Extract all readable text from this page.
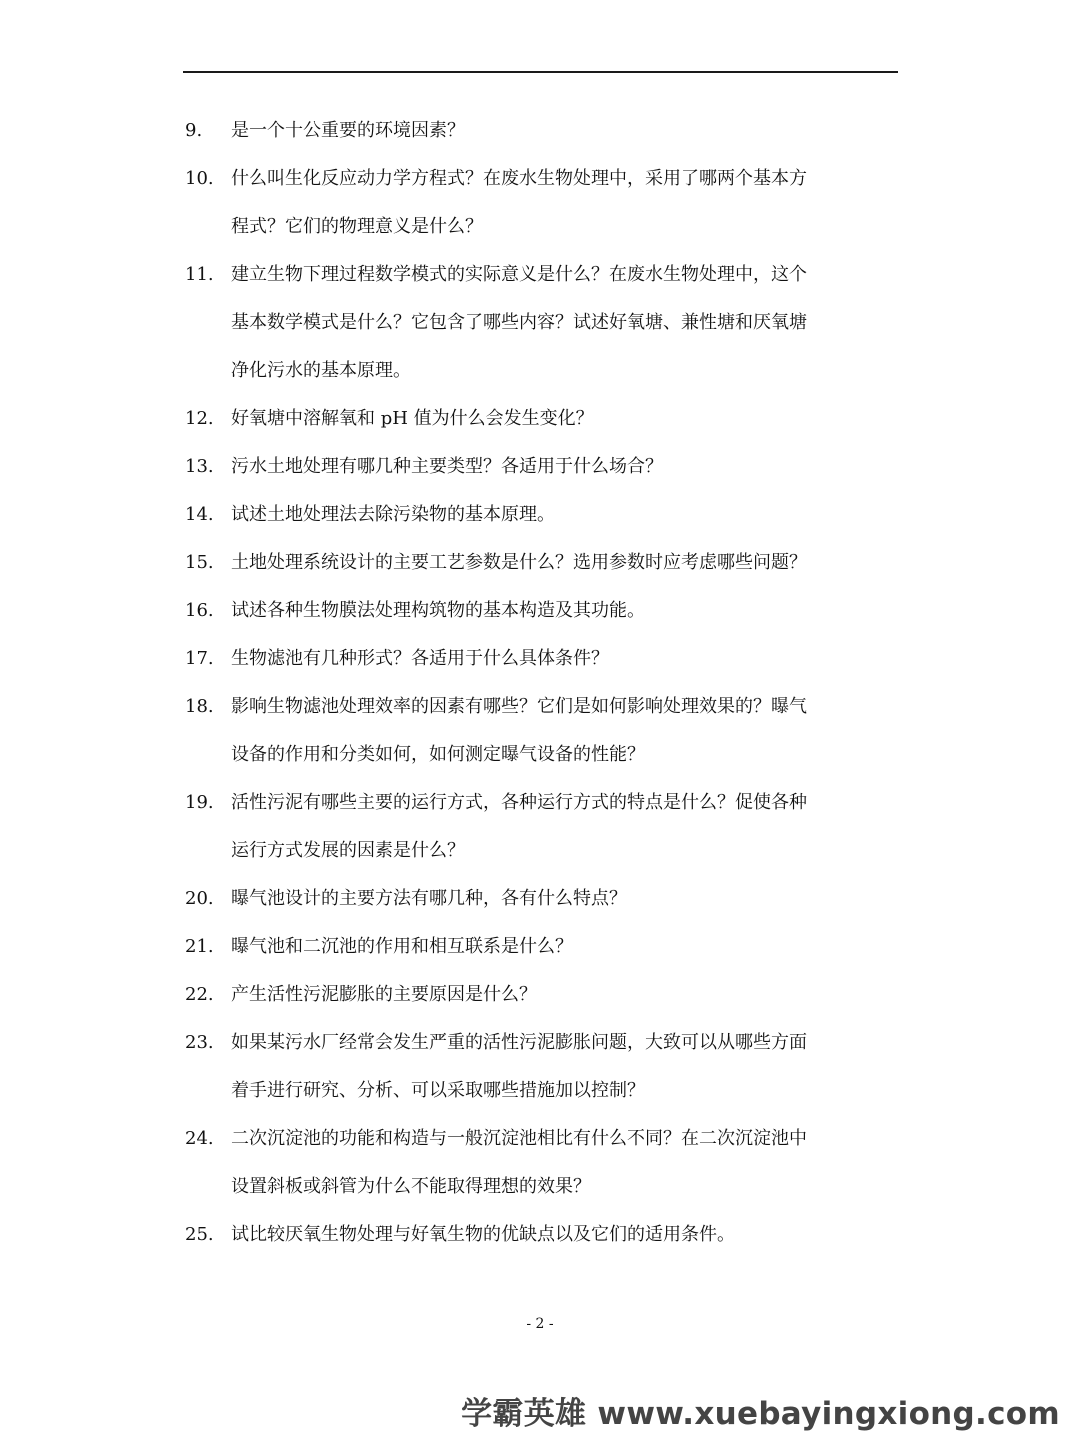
9. 是一个十公重要的环境因素？
10. 什么叫生化反应动力学方程式？在废水生物处理中，采用了哪两个基本方
程式？它们的物理意义是什么？
11. 建立生物下理过程数学模式的实际意义是什么？在废水生物处理中，这个
基本数学模式是什么？它包含了哪些内容？试述好氧塘、兼性塘和厌氧塘
净化污水的基本原理。
12. 好氧塘中溶解氧和 pH 值为什么会发生变化？
13. 污水土地处理有哪几种主要类型？各适用于什么场合？
14. 试述土地处理法去除污染物的基本原理。
15. 土地处理系统设计的主要工艺参数是什么？选用参数时应考虑哪些问题？
16. 试述各种生物膜法处理构筑物的基本构造及其功能。
17. 生物滤池有几种形式？各适用于什么具体条件？
18. 影响生物滤池处理效率的因素有哪些？它们是如何影响处理效果的？曝气
设备的作用和分类如何，如何测定曝气设备的性能？
19. 活性污泥有哪些主要的运行方式，各种运行方式的特点是什么？促使各种
运行方式发展的因素是什么？
20. 曝气池设计的主要方法有哪几种，各有什么特点？
21. 曝气池和二沉池的作用和相互联系是什么？
22. 产生活性污泥膨胀的主要原因是什么？
23. 如果某污水厂经常会发生严重的活性污泥膨胀问题，大致可以从哪些方面
着手进行研究、分析、可以采取哪些措施加以控制？
24. 二次沉淀池的功能和构造与一般沉淀池相比有什么不同？在二次沉淀池中
设置斜板或斜管为什么不能取得理想的效果？
25. 试比较厌氧生物处理与好氧生物的优缺点以及它们的适用条件。
- 2 -
学霸英雄 www.xuebayingxiong.com
